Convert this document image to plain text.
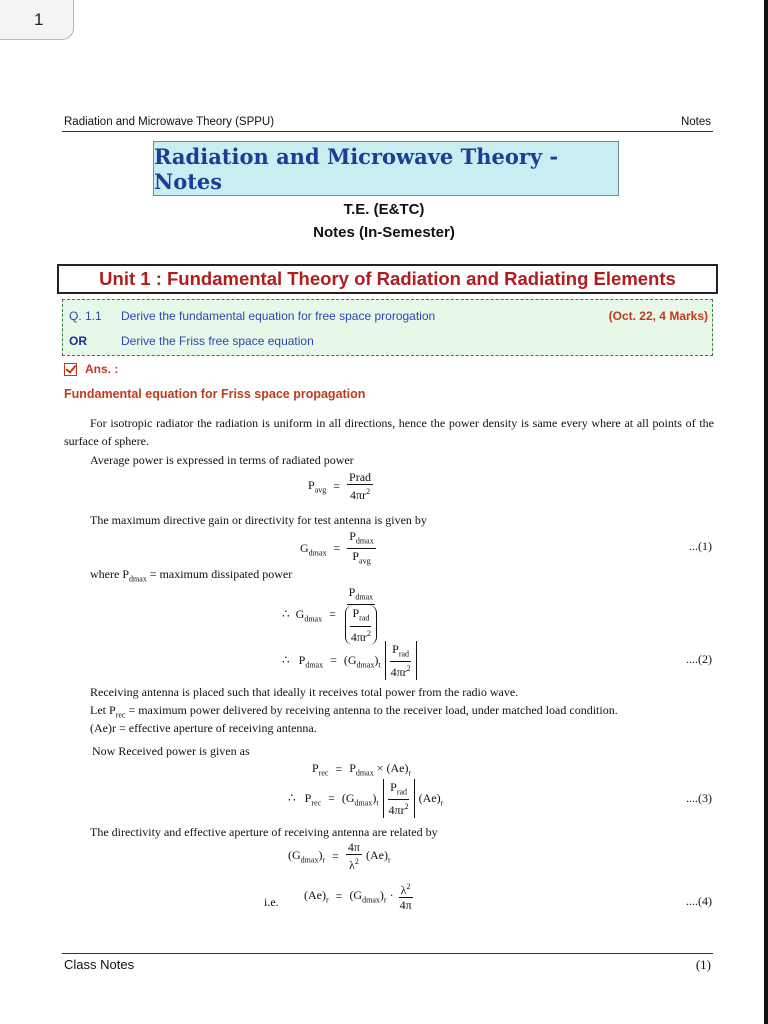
1
Radiation and Microwave Theory (SPPU)	Notes
Radiation and Microwave Theory - Notes
T.E. (E&TC)
Notes (In-Semester)
Unit 1 : Fundamental Theory of Radiation and Radiating Elements
Q. 1.1 Derive the fundamental equation for free space prorogation	(Oct. 22, 4 Marks)
OR	Derive the Friss free space equation
Ans. :
Fundamental equation for Friss space propagation
For isotropic radiator the radiation is uniform in all directions, hence the power density is same every where at all points of the surface of sphere.
Average power is expressed in terms of radiated power
$P_{avg} = \frac{\text{Prad}}{4\pi r^2}$
The maximum directive gain or directivity for test antenna is given by
$G_{dmax} = \frac{P_{dmax}}{P_{avg}}$	...(1)
where $P_{dmax}$ = maximum dissipated power
∴  $G_{dmax} = \frac{P_{dmax}}{\frac{P_{rad}}{4\pi r^2}}$
∴   $P_{dmax} = (G_{dmax})_t \frac{P_{rad}}{4\pi r^2}$	....(2)
Receiving antenna is placed such that ideally it receives total power from the radio wave.
Let $P_{rec}$ = maximum power delivered by receiving antenna to the receiver load, under matched load condition.
(Ae)r = effective aperture of receiving antenna.
Now Received power is given as
$P_{rec} = P_{dmax} \times (Ae)_r$
∴   $P_{rec} = (G_{dmax})_t \frac{P_{rad}}{4\pi r^2} (Ae)_r$	....(3)
The directivity and effective aperture of receiving antenna are related by
$(G_{dmax})_r = \frac{4\pi}{\lambda^2} (Ae)_r$
i.e.
$(Ae)_r = (G_{dmax})_r \cdot \frac{\lambda^2}{4\pi}$	....(4)
Class Notes	(1)
